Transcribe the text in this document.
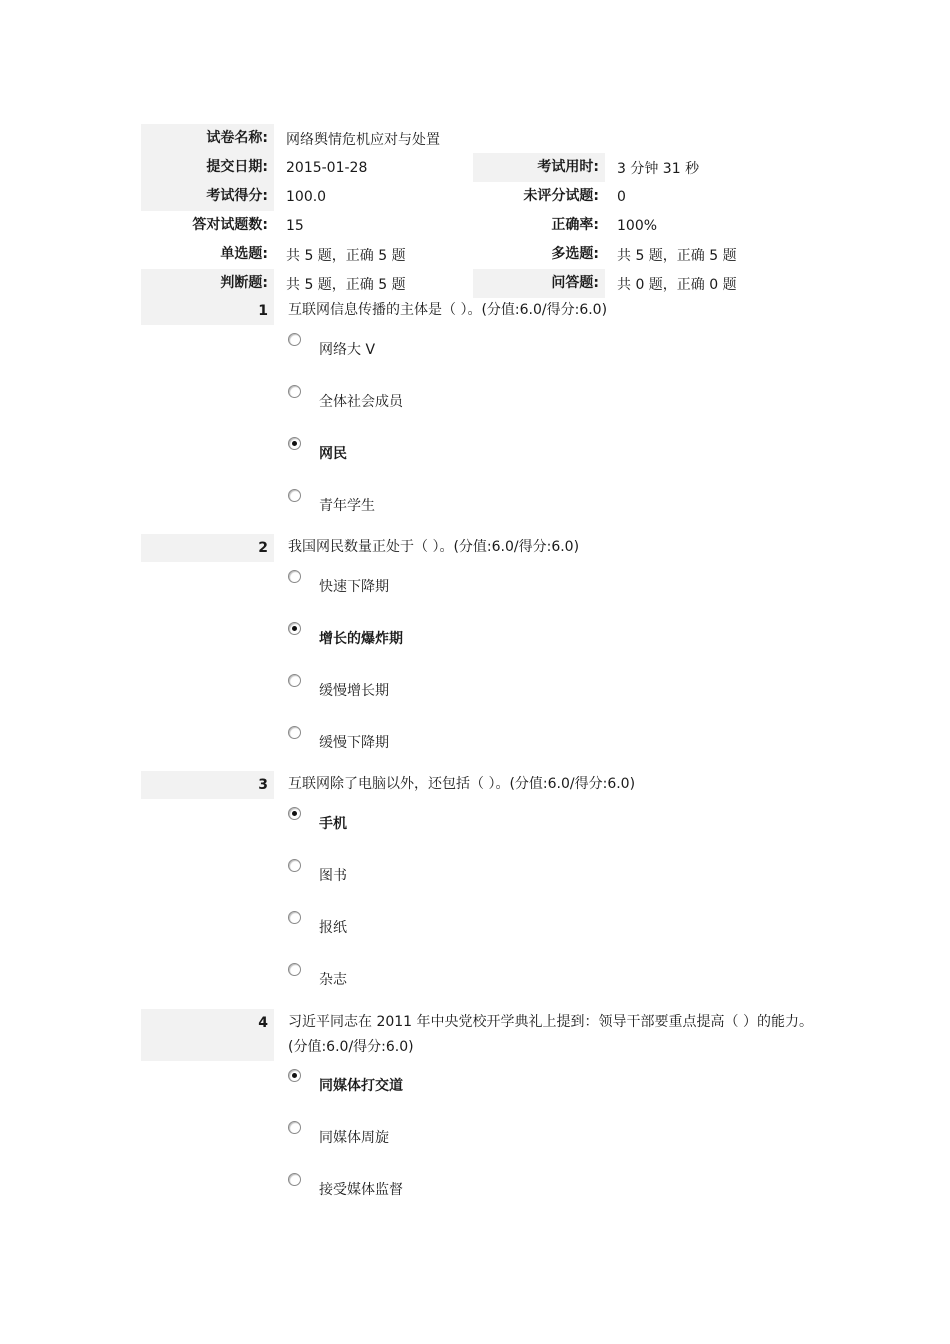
试卷名称:	网络舆情危机应对与处置
提交日期:	2015-01-28	考试用时:	3 分钟 31 秒
考试得分:	100.0	未评分试题:	0
答对试题数:	15	正确率:	100%
单选题:	共 5 题，正确 5 题	多选题:	共 5 题，正确 5 题
判断题:	共 5 题，正确 5 题	问答题:	共 0 题，正确 0 题
1	互联网信息传播的主体是（ ）。(分值:6.0/得分:6.0)
网络大 V
全体社会成员
网民
青年学生
2	我国网民数量正处于（ ）。(分值:6.0/得分:6.0)
快速下降期
增长的爆炸期
缓慢增长期
缓慢下降期
3	互联网除了电脑以外，还包括（ ）。(分值:6.0/得分:6.0)
手机
图书
报纸
杂志
4	习近平同志在 2011 年中央党校开学典礼上提到：领导干部要重点提高（ ）的能力。(分值:6.0/得分:6.0)
同媒体打交道
同媒体周旋
接受媒体监督
